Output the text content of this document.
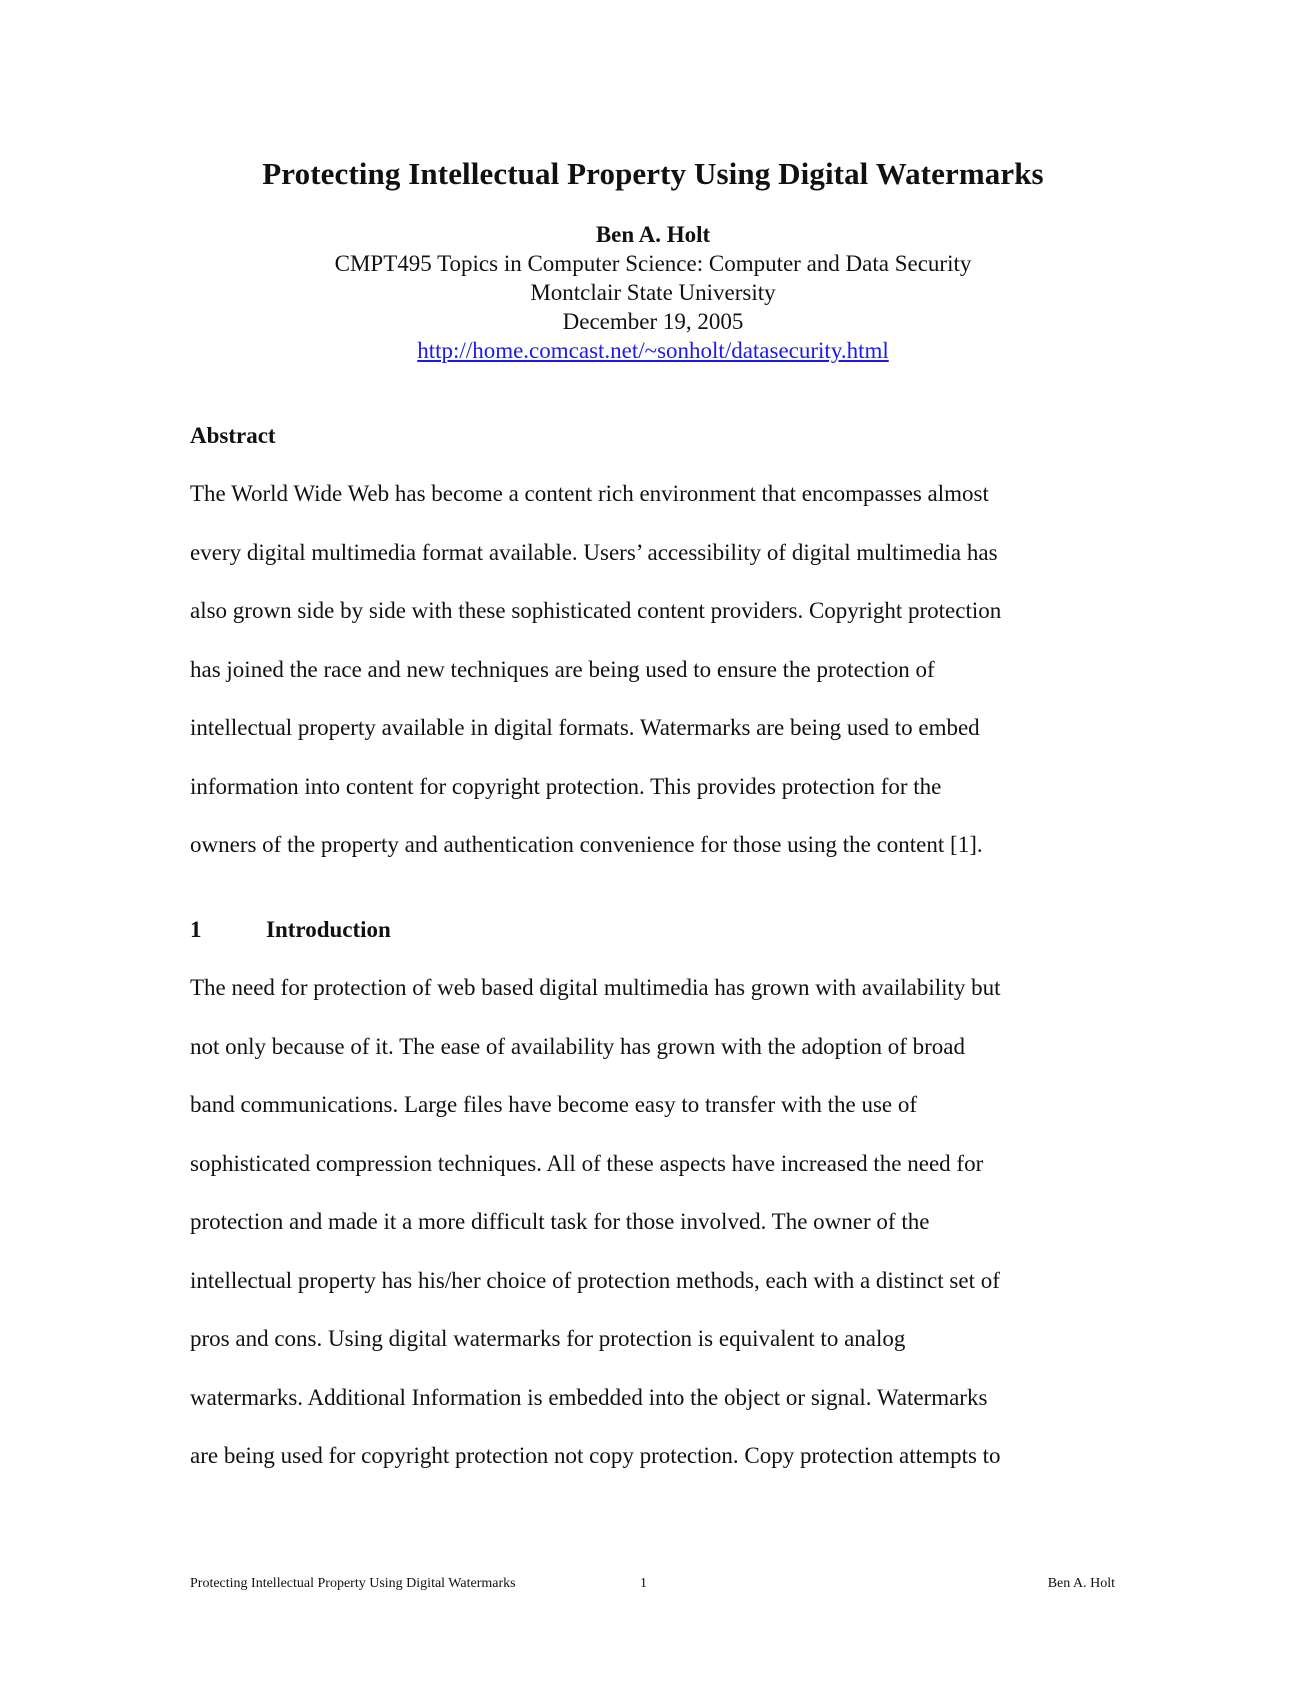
Protecting Intellectual Property Using Digital Watermarks
Ben A. Holt
CMPT495 Topics in Computer Science: Computer and Data Security
Montclair State University
December 19, 2005
http://home.comcast.net/~sonholt/datasecurity.html
Abstract

The World Wide Web has become a content rich environment that encompasses almost
every digital multimedia format available. Users’ accessibility of digital multimedia has
also grown side by side with these sophisticated content providers. Copyright protection
has joined the race and new techniques are being used to ensure the protection of
intellectual property available in digital formats. Watermarks are being used to embed
information into content for copyright protection. This provides protection for the
owners of the property and authentication convenience for those using the content [1].

1	Introduction

The need for protection of web based digital multimedia has grown with availability but
not only because of it. The ease of availability has grown with the adoption of broad
band communications. Large files have become easy to transfer with the use of
sophisticated compression techniques. All of these aspects have increased the need for
protection and made it a more difficult task for those involved. The owner of the
intellectual property has his/her choice of protection methods, each with a distinct set of
pros and cons. Using digital watermarks for protection is equivalent to analog
watermarks. Additional Information is embedded into the object or signal. Watermarks
are being used for copyright protection not copy protection. Copy protection attempts to

Protecting Intellectual Property Using Digital Watermarks	1	Ben A. Holt
